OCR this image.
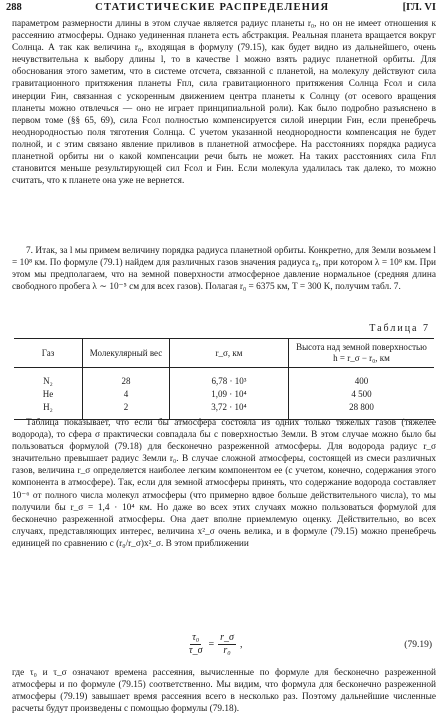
288	СТАТИСТИЧЕСКИЕ РАСПРЕДЕЛЕНИЯ	[ГЛ. VI

параметром размерности длины в этом случае является радиус планеты r₀, но он не имеет отношения к рассеянию атмосферы. Однако уединенная планета есть абстракция. Реальная планета вращается вокруг Солнца. А так как величина r₀, входящая в формулу (79.15), как будет видно из дальнейшего, очень нечувствительна к выбору длины l, то в качестве l можно взять радиус планетной орбиты. Для обоснования этого заметим, что в системе отсчета, связанной с планетой, на молекулу действуют сила гравитационного притяжения планеты Fпл, сила гравитационного притяжения Солнца Fсол и сила инерции Fин, связанная с ускоренным движением центра планеты к Солнцу (от осевого вращения планеты можно отвлечься — оно не играет принципиальной роли). Как было подробно разъяснено в первом томе (§§ 65, 69), сила Fсол полностью компенсируется силой инерции Fин, если пренебречь неоднородностью поля тяготения Солнца. С учетом указанной неоднородности компенсация не будет полной, и с этим связано явление приливов в планетной атмосфере. На расстояниях порядка радиуса планетной орбиты ни о какой компенсации речи быть не может. На таких расстояниях сила Fпл становится меньше результирующей сил Fсол и Fин. Если молекула удалилась так далеко, то можно считать, что к планете она уже не вернется.

7. Итак, за l мы примем величину порядка радиуса планетной орбиты. Конкретно, для Земли возьмем l = 10⁸ км. По формуле (79.1) найдем для различных газов значения радиуса r₀, при котором λ = 10⁸ км. При этом мы предполагаем, что на земной поверхности атмосферное давление нормальное (средняя длина свободного пробега λ ∼ 10⁻⁵ см для всех газов). Полагая r₀ = 6375 км, T = 300 K, получим табл. 7.

Таблица 7
Газ	Молекулярный вес	r_σ, км	Высота над земной поверхностью h = r_σ − r₀, км
N₂	28	6,78 · 10³	400
He	4	1,09 · 10⁴	4 500
H₂	2	3,72 · 10⁴	28 800

Таблица показывает, что если бы атмосфера состояла из одних только тяжелых газов (тяжелее водорода), то сфера σ практически совпадала бы с поверхностью Земли. В этом случае можно было бы пользоваться формулой (79.18) для бесконечно разреженной атмосферы. Для водорода радиус r_σ значительно превышает радиус Земли r₀. В случае сложной атмосферы, состоящей из смеси различных газов, величина r_σ определяется наиболее легким компонентом ее (с учетом, конечно, содержания этого компонента в атмосфере). Так, если для земной атмосферы принять, что содержание водорода составляет 10⁻⁶ от полного числа молекул атмосферы (что примерно вдвое больше действительного числа), то мы получили бы r_σ = 1,4 · 10⁴ км. Но даже во всех этих случаях можно пользоваться формулой для бесконечно разреженной атмосферы. Она дает вполне приемлемую оценку. Действительно, во всех случаях, представляющих интерес, величина x²_σ очень велика, и в формуле (79.15) можно пренебречь единицей по сравнению с (r₀/r_σ)x²_σ. В этом приближении

$\frac{\text{τ₀}}{\tau\_\sigma} = \frac{r\_\sigma}{\text{r₀}}$ ,	(79.19)

где τ₀ и τ_σ означают времена рассеяния, вычисленные по формуле для бесконечно разреженной атмосферы и по формуле (79.15) соответственно. Мы видим, что формула для бесконечно разреженной атмосферы (79.19) завышает время рассеяния всего в несколько раз. Поэтому дальнейшие численные расчеты будут произведены с помощью формулы (79.18).
